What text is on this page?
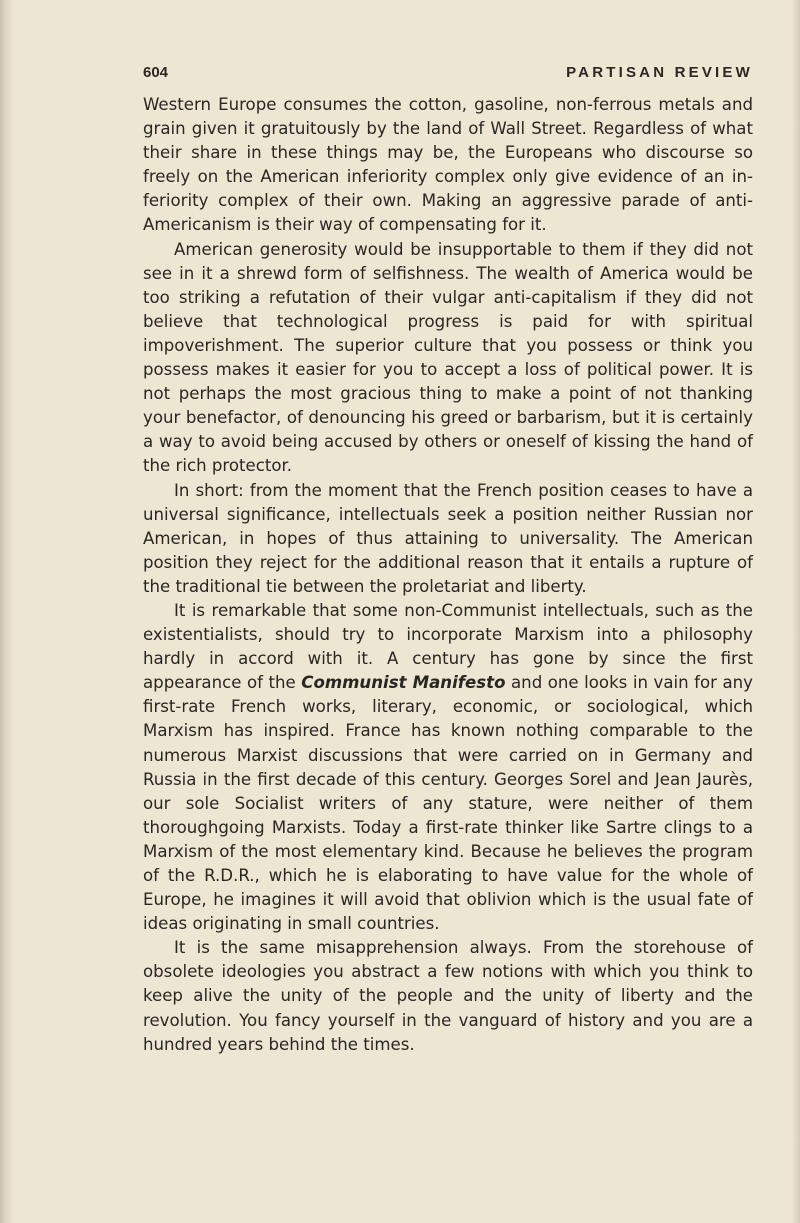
604	PARTISAN REVIEW

Western Europe consumes the cotton, gasoline, non-ferrous metals and grain given it gratuitously by the land of Wall Street. Regardless of what their share in these things may be, the Europeans who discourse so freely on the American inferiority complex only give evidence of an inferiority complex of their own. Making an aggressive parade of anti-Americanism is their way of compensating for it.

American generosity would be insupportable to them if they did not see in it a shrewd form of selfishness. The wealth of America would be too striking a refutation of their vulgar anti-capitalism if they did not believe that technological progress is paid for with spiritual impoverishment. The superior culture that you possess or think you possess makes it easier for you to accept a loss of political power. It is not perhaps the most gracious thing to make a point of not thanking your benefactor, of denouncing his greed or barbarism, but it is certainly a way to avoid being accused by others or oneself of kissing the hand of the rich protector.

In short: from the moment that the French position ceases to have a universal significance, intellectuals seek a position neither Russian nor American, in hopes of thus attaining to universality. The American position they reject for the additional reason that it entails a rupture of the traditional tie between the proletariat and liberty.

It is remarkable that some non-Communist intellectuals, such as the existentialists, should try to incorporate Marxism into a philosophy hardly in accord with it. A century has gone by since the first appearance of the Communist Manifesto and one looks in vain for any first-rate French works, literary, economic, or sociological, which Marxism has inspired. France has known nothing comparable to the numerous Marxist discussions that were carried on in Germany and Russia in the first decade of this century. Georges Sorel and Jean Jaurès, our sole Socialist writers of any stature, were neither of them thoroughgoing Marxists. Today a first-rate thinker like Sartre clings to a Marxism of the most elementary kind. Because he believes the program of the R.D.R., which he is elaborating to have value for the whole of Europe, he imagines it will avoid that oblivion which is the usual fate of ideas originating in small countries.

It is the same misapprehension always. From the storehouse of obsolete ideologies you abstract a few notions with which you think to keep alive the unity of the people and the unity of liberty and the revolution. You fancy yourself in the vanguard of history and you are a hundred years behind the times.
